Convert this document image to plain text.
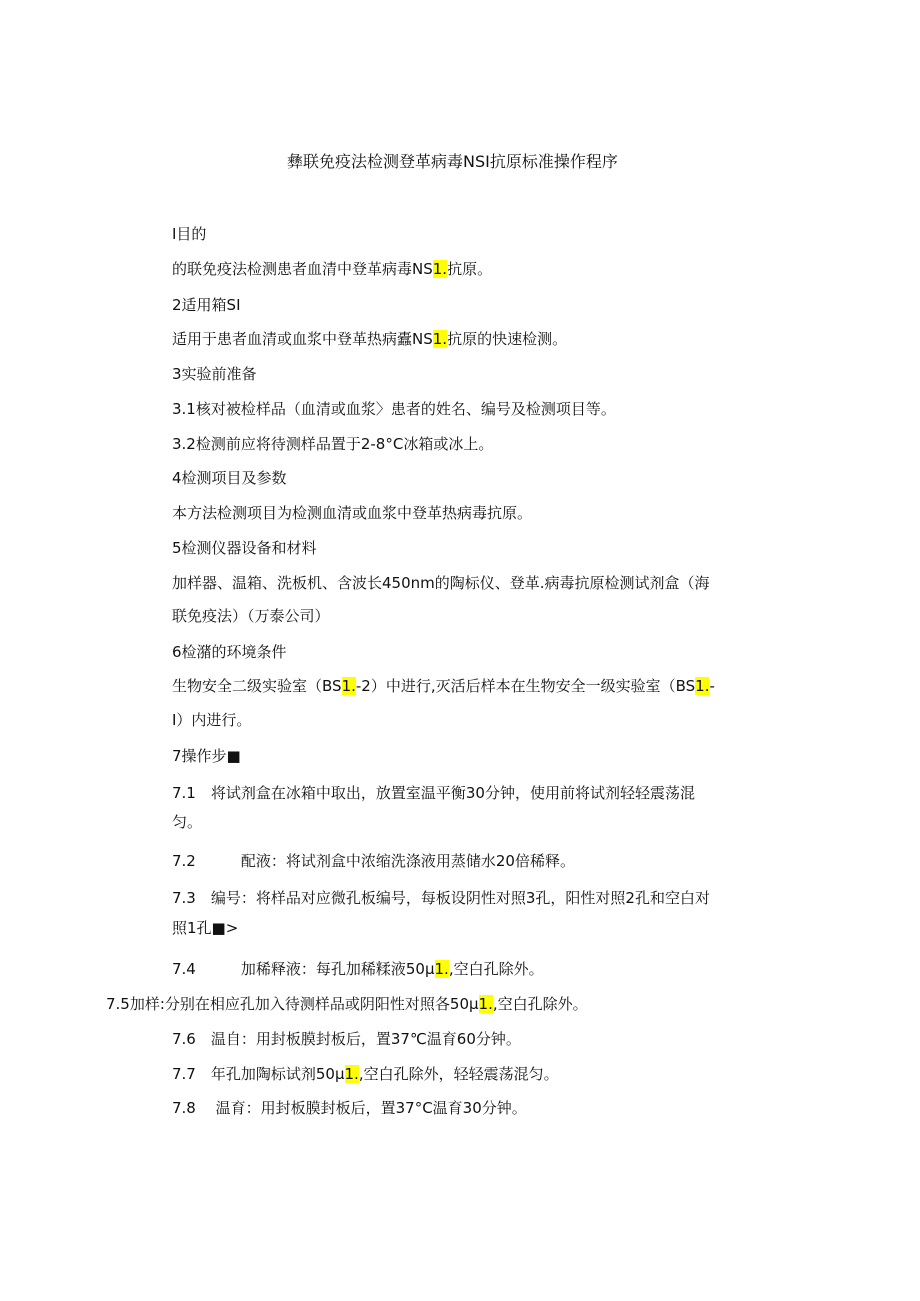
彝联免疫法检测登革病毒NSI抗原标准操作程序
I目的
的联免疫法检测患者血清中登革病毒NS1.抗原。
2适用箱SI
适用于患者血清或血浆中登革热病蠹NS1.抗原的快速检测。
3实验前准备
3.1核对被检样品（血清或血浆〉患者的姓名、编号及检测项目等。
3.2检测前应将待测样品置于2-8°C冰箱或冰上。
4检测项目及参数
本方法检测项目为检测血清或血浆中登革热病毒抗原。
5检测仪器设备和材料
加样器、温箱、洗板机、含波长450nm的陶标仪、登革.病毒抗原检测试剂盒（海
联免疫法）（万泰公司）
6检潴的环境条件
生物安全二级实验室（BS1.-2）中进行,灭活后样本在生物安全一级实验室（BS1.-
I）内进行。
7操作步■
7.1　将试剂盒在冰箱中取出，放置室温平衡30分钟，使用前将试剂轻轻震荡混
匀。
7.2　　　配液：将试剂盒中浓缩洗涤液用蒸储水20倍稀释。
7.3　编号：将样品对应微孔板编号，每板设阴性对照3孔，阳性对照2孔和空白对
照1孔■>
7.4　　　加稀释液：每孔加稀糅液50μ1.,空白孔除外。
7.5加样:分别在相应孔加入待测样品或阴阳性对照各50μ1.,空白孔除外。
7.6　温自：用封板膜封板后，置37℃温育60分钟。
7.7　年孔加陶标试剂50μ1.,空白孔除外，轻轻震荡混匀。
7.8　 温育：用封板膜封板后，置37°C温育30分钟。
